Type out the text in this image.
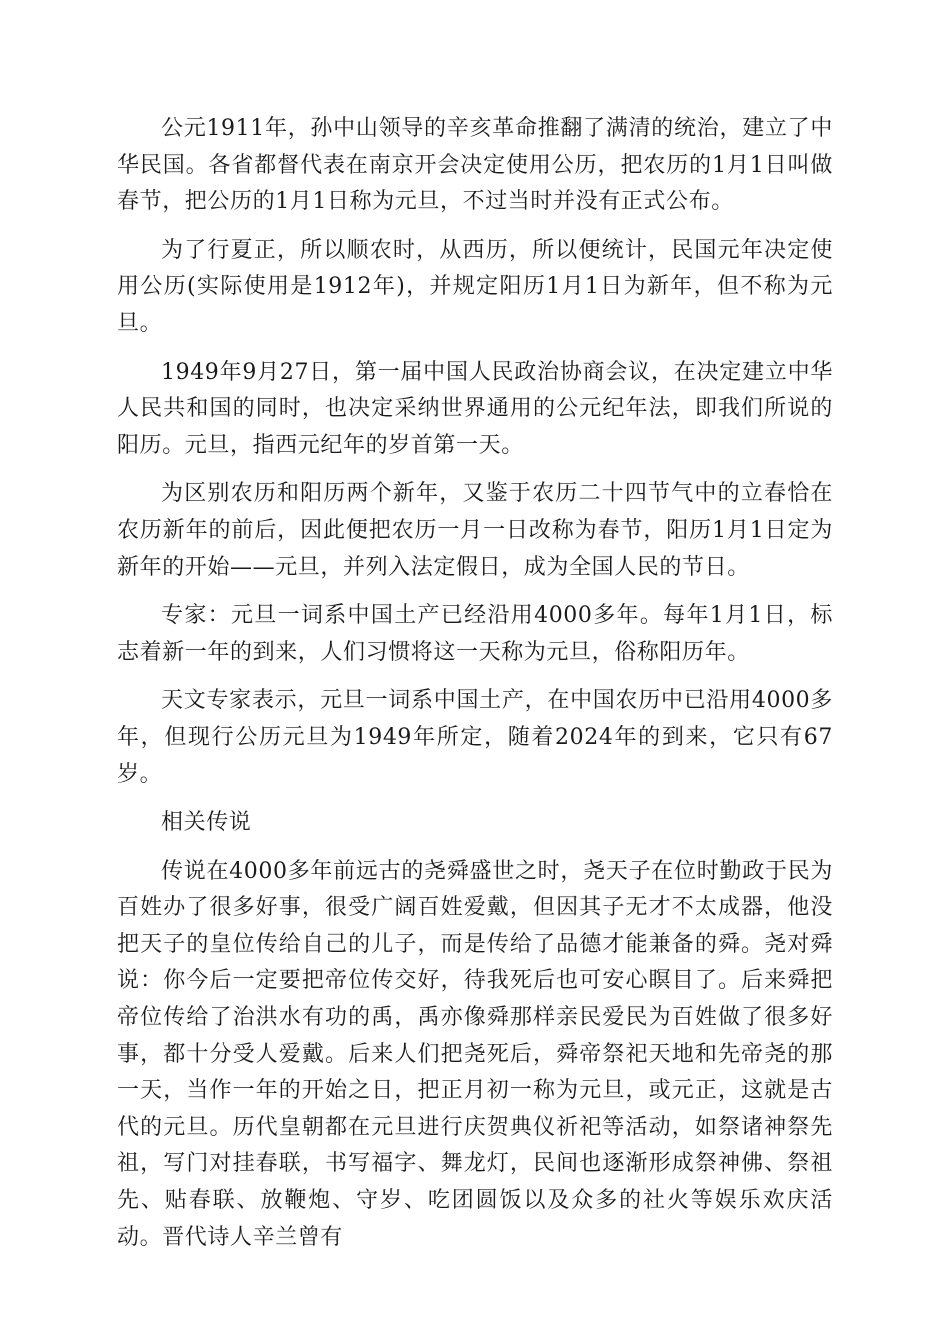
公元1911年，孙中山领导的辛亥革命推翻了满清的统治，建立了中华民国。各省都督代表在南京开会决定使用公历，把农历的1月1日叫做春节，把公历的1月1日称为元旦，不过当时并没有正式公布。

为了行夏正，所以顺农时，从西历，所以便统计，民国元年决定使用公历(实际使用是1912年)，并规定阳历1月1日为新年，但不称为元旦。

1949年9月27日，第一届中国人民政治协商会议，在决定建立中华人民共和国的同时，也决定采纳世界通用的公元纪年法，即我们所说的阳历。元旦，指西元纪年的岁首第一天。

为区别农历和阳历两个新年，又鉴于农历二十四节气中的立春恰在农历新年的前后，因此便把农历一月一日改称为春节，阳历1月1日定为新年的开始——元旦，并列入法定假日，成为全国人民的节日。

专家：元旦一词系中国土产已经沿用4000多年。每年1月1日，标志着新一年的到来，人们习惯将这一天称为元旦，俗称阳历年。

天文专家表示，元旦一词系中国土产，在中国农历中已沿用4000多年，但现行公历元旦为1949年所定，随着2024年的到来，它只有67岁。

相关传说

传说在4000多年前远古的尧舜盛世之时，尧天子在位时勤政于民为百姓办了很多好事，很受广阔百姓爱戴，但因其子无才不太成器，他没把天子的皇位传给自己的儿子，而是传给了品德才能兼备的舜。尧对舜说：你今后一定要把帝位传交好，待我死后也可安心瞑目了。后来舜把帝位传给了治洪水有功的禹，禹亦像舜那样亲民爱民为百姓做了很多好事，都十分受人爱戴。后来人们把尧死后，舜帝祭祀天地和先帝尧的那一天，当作一年的开始之日，把正月初一称为元旦，或元正，这就是古代的元旦。历代皇朝都在元旦进行庆贺典仪祈祀等活动，如祭诸神祭先祖，写门对挂春联，书写福字、舞龙灯，民间也逐渐形成祭神佛、祭祖先、贴春联、放鞭炮、守岁、吃团圆饭以及众多的社火等娱乐欢庆活动。晋代诗人辛兰曾有
